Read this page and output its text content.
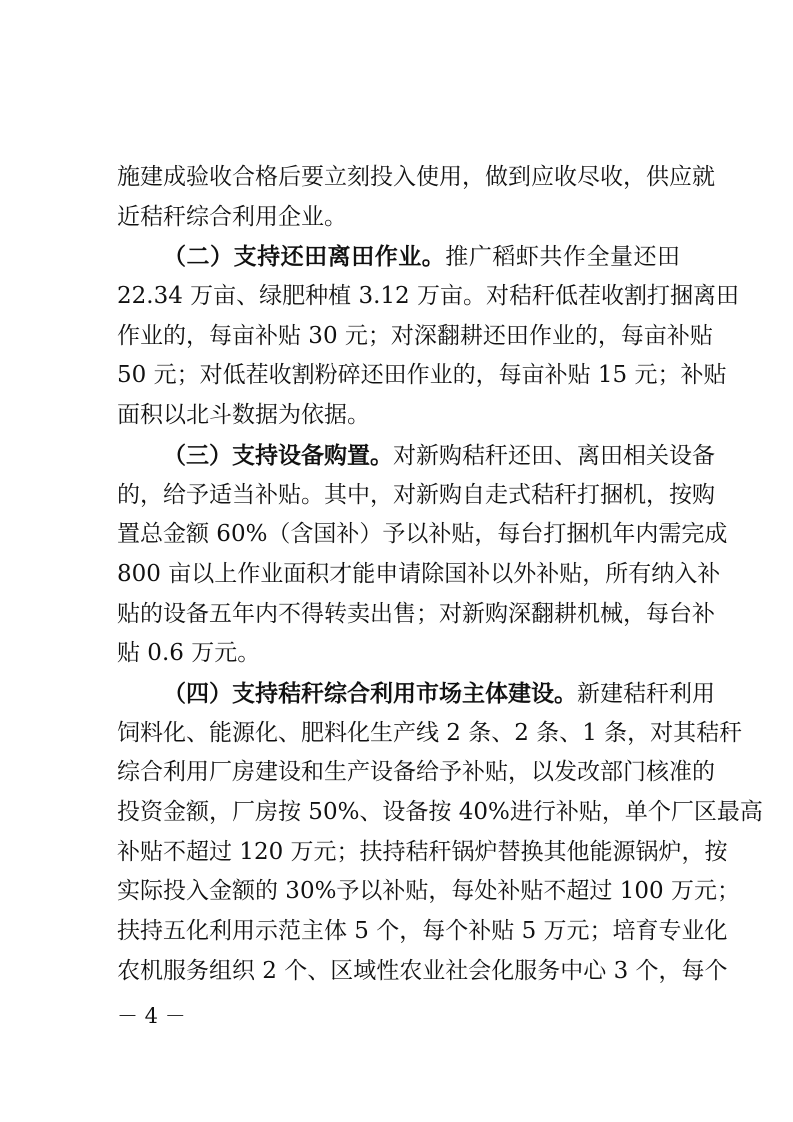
施建成验收合格后要立刻投入使用，做到应收尽收，供应就
近秸秆综合利用企业。
（二）支持还田离田作业。推广稻虾共作全量还田
22.34 万亩、绿肥种植 3.12 万亩。对秸秆低茬收割打捆离田
作业的，每亩补贴 30 元；对深翻耕还田作业的，每亩补贴
50 元；对低茬收割粉碎还田作业的，每亩补贴 15 元；补贴
面积以北斗数据为依据。
（三）支持设备购置。对新购秸秆还田、离田相关设备
的，给予适当补贴。其中，对新购自走式秸秆打捆机，按购
置总金额 60%（含国补）予以补贴，每台打捆机年内需完成
800 亩以上作业面积才能申请除国补以外补贴，所有纳入补
贴的设备五年内不得转卖出售；对新购深翻耕机械，每台补
贴 0.6 万元。
（四）支持秸秆综合利用市场主体建设。新建秸秆利用
饲料化、能源化、肥料化生产线 2 条、2 条、1 条，对其秸秆
综合利用厂房建设和生产设备给予补贴，以发改部门核准的
投资金额，厂房按 50%、设备按 40%进行补贴，单个厂区最高
补贴不超过 120 万元；扶持秸秆锅炉替换其他能源锅炉，按
实际投入金额的 30%予以补贴，每处补贴不超过 100 万元；
扶持五化利用示范主体 5 个，每个补贴 5 万元；培育专业化
农机服务组织 2 个、区域性农业社会化服务中心 3 个，每个
－ 4 －
